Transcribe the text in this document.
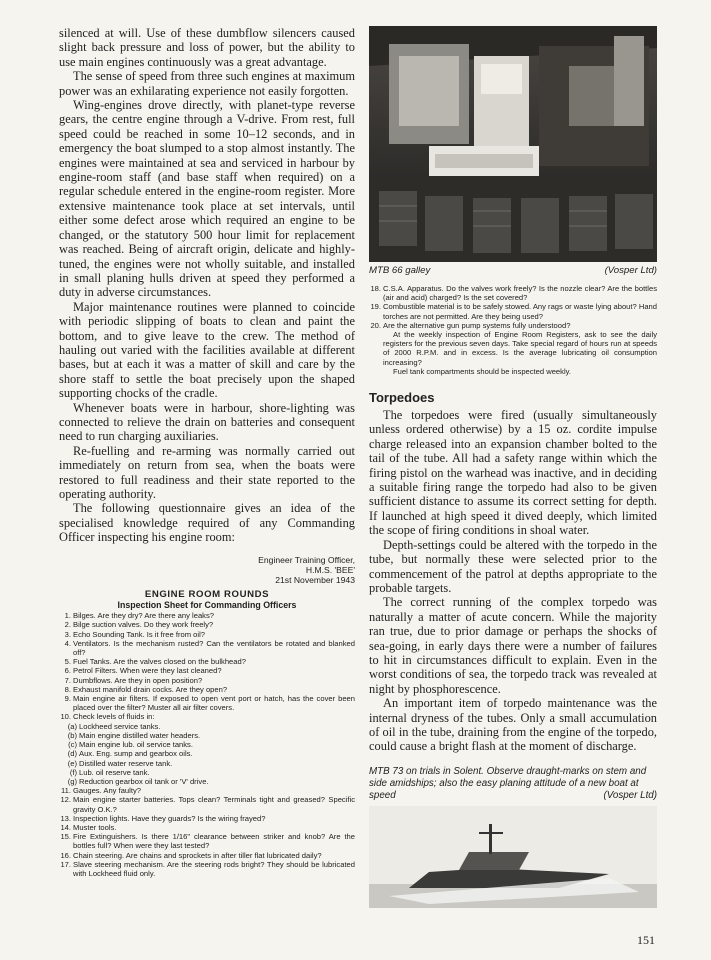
silenced at will. Use of these dumbflow silencers caused slight back pressure and loss of power, but the ability to use main engines continuously was a great advantage.

The sense of speed from three such engines at maximum power was an exhilarating experience not easily forgotten.

Wing-engines drove directly, with planet-type reverse gears, the centre engine through a V-drive. From rest, full speed could be reached in some 10–12 seconds, and in emergency the boat slumped to a stop almost instantly. The engines were maintained at sea and serviced in harbour by engine-room staff (and base staff when required) on a regular schedule entered in the engine-room register. More extensive maintenance took place at set intervals, until either some defect arose which required an engine to be changed, or the statutory 500 hour limit for replacement was reached. Being of aircraft origin, delicate and highly-tuned, the engines were not wholly suitable, and installed in small planing hulls driven at speed they performed a duty in adverse circumstances.

Major maintenance routines were planned to coincide with periodic slipping of boats to clean and paint the bottom, and to give leave to the crew. The method of hauling out varied with the facilities available at different bases, but at each it was a matter of skill and care by the shore staff to settle the boat precisely upon the shaped supporting chocks of the cradle.

Whenever boats were in harbour, shore-lighting was connected to relieve the drain on batteries and consequent need to run charging auxiliaries.

Re-fuelling and re-arming was normally carried out immediately on return from sea, when the boats were restored to full readiness and their state reported to the operating authority.

The following questionnaire gives an idea of the specialised knowledge required of any Commanding Officer inspecting his engine room:

Engineer Training Officer,
H.M.S. 'BEE'
21st November 1943
ENGINE ROOM ROUNDS
Inspection Sheet for Commanding Officers
1. Bilges. Are they dry? Are there any leaks?
2. Bilge suction valves. Do they work freely?
3. Echo Sounding Tank. Is it free from oil?
4. Ventilators. Is the mechanism rusted? Can the ventilators be rotated and blanked off?
5. Fuel Tanks. Are the valves closed on the bulkhead?
6. Petrol Filters. When were they last cleaned?
7. Dumbflows. Are they in open position?
8. Exhaust manifold drain cocks. Are they open?
9. Main engine air filters. If exposed to open vent port or hatch, has the cover been placed over the filter? Muster all air filter covers.
10. Check levels of fluids in:
(a) Lockheed service tanks.
(b) Main engine distilled water headers.
(c) Main engine lub. oil service tanks.
(d) Aux. Eng. sump and gearbox oils.
(e) Distilled water reserve tank.
(f) Lub. oil reserve tank.
(g) Reduction gearbox oil tank or 'V' drive.
11. Gauges. Any faulty?
12. Main engine starter batteries. Tops clean? Terminals tight and greased? Specific gravity O.K.?
13. Inspection lights. Have they guards? Is the wiring frayed?
14. Muster tools.
15. Fire Extinguishers. Is there 1/16" clearance between striker and knob? Are the bottles full? When were they last tested?
16. Chain steering. Are chains and sprockets in after tiller flat lubricated daily?
17. Slave steering mechanism. Are the steering rods bright? They should be lubricated with Lockheed fluid only.
MTB 66 galley	(Vosper Ltd)
18. C.S.A. Apparatus. Do the valves work freely? Is the nozzle clear? Are the bottles (air and acid) charged? Is the set covered?
19. Combustible material is to be safely stowed. Any rags or waste lying about? Hand torches are not permitted. Are they being used?
20. Are the alternative gun pump systems fully understood?
At the weekly inspection of Engine Room Registers, ask to see the daily registers for the previous seven days. Take special regard of hours run at speeds of 2000 R.P.M. and in excess. Is the average lubricating oil consumption increasing?
Fuel tank compartments should be inspected weekly.
Torpedoes

The torpedoes were fired (usually simultaneously unless ordered otherwise) by a 15 oz. cordite impulse charge released into an expansion chamber bolted to the tail of the tube. All had a safety range within which the firing pistol on the warhead was inactive, and in deciding a suitable firing range the torpedo had also to be given sufficient distance to assume its correct setting for depth. If launched at high speed it dived deeply, which limited the scope of firing conditions in shoal water.

Depth-settings could be altered with the torpedo in the tube, but normally these were selected prior to the commencement of the patrol at depths appropriate to the probable targets.

The correct running of the complex torpedo was naturally a matter of acute concern. While the majority ran true, due to prior damage or perhaps the shocks of sea-going, in early days there were a number of failures to hit in circumstances difficult to explain. Even in the worst conditions of sea, the torpedo track was revealed at night by phosphorescence.

An important item of torpedo maintenance was the internal dryness of the tubes. Only a small accumulation of oil in the tube, draining from the engine of the torpedo, could cause a bright flash at the moment of discharge.

MTB 73 on trials in Solent. Observe draught-marks on stem and side amidships; also the easy planing attitude of a new boat at speed	(Vosper Ltd)
151
